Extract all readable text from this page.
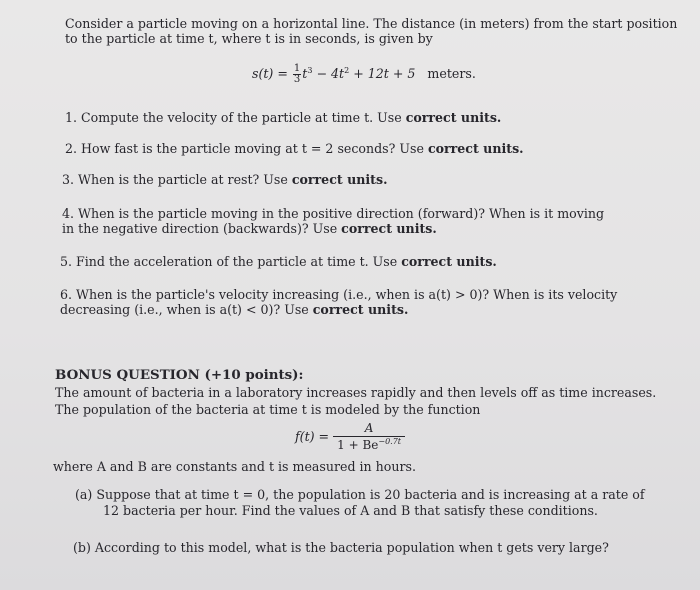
Consider a particle moving on a horizontal line. The distance (in meters) from the start position
to the particle at time t, where t is in seconds, is given by
$s(t) = \frac{1}{3} t^3 - 4t^2 + 12t + 5$ meters.
1. Compute the velocity of the particle at time t. Use correct units.
2. How fast is the particle moving at t = 2 seconds? Use correct units.
3. When is the particle at rest? Use correct units.
4. When is the particle moving in the positive direction (forward)? When is it moving
in the negative direction (backwards)? Use correct units.
5. Find the acceleration of the particle at time t. Use correct units.
6. When is the particle's velocity increasing (i.e., when is a(t) > 0)? When is its velocity
decreasing (i.e., when is a(t) < 0)? Use correct units.
BONUS QUESTION (+10 points):
The amount of bacteria in a laboratory increases rapidly and then levels off as time increases.
The population of the bacteria at time t is modeled by the function
$f(t) = \frac{A}{1 + Be^{-0.7t}}$
where A and B are constants and t is measured in hours.
(a) Suppose that at time t = 0, the population is 20 bacteria and is increasing at a rate of
12 bacteria per hour. Find the values of A and B that satisfy these conditions.
(b) According to this model, what is the bacteria population when t gets very large?
